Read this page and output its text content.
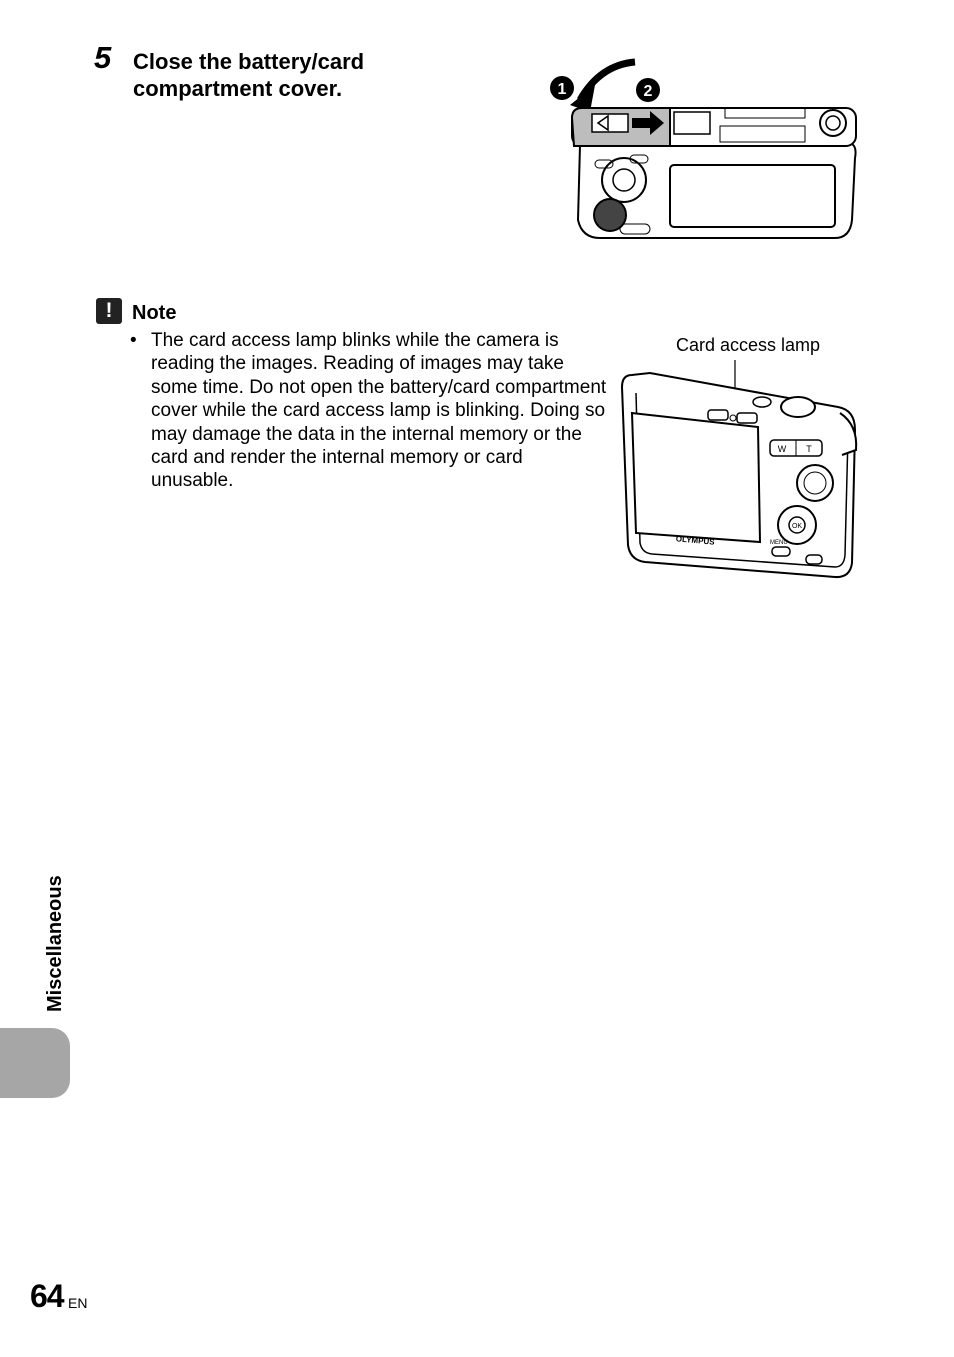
5 Close the battery/card compartment cover.	1	2
! Note
• The card access lamp blinks while the camera is reading the images. Reading of images may take some time. Do not open the battery/card compartment cover while the card access lamp is blinking. Doing so may damage the data in the internal memory or the card and render the internal memory or card unusable.
Card access lamp
W T
OK
MENU
OLYMPUS
Miscellaneous
64 EN
